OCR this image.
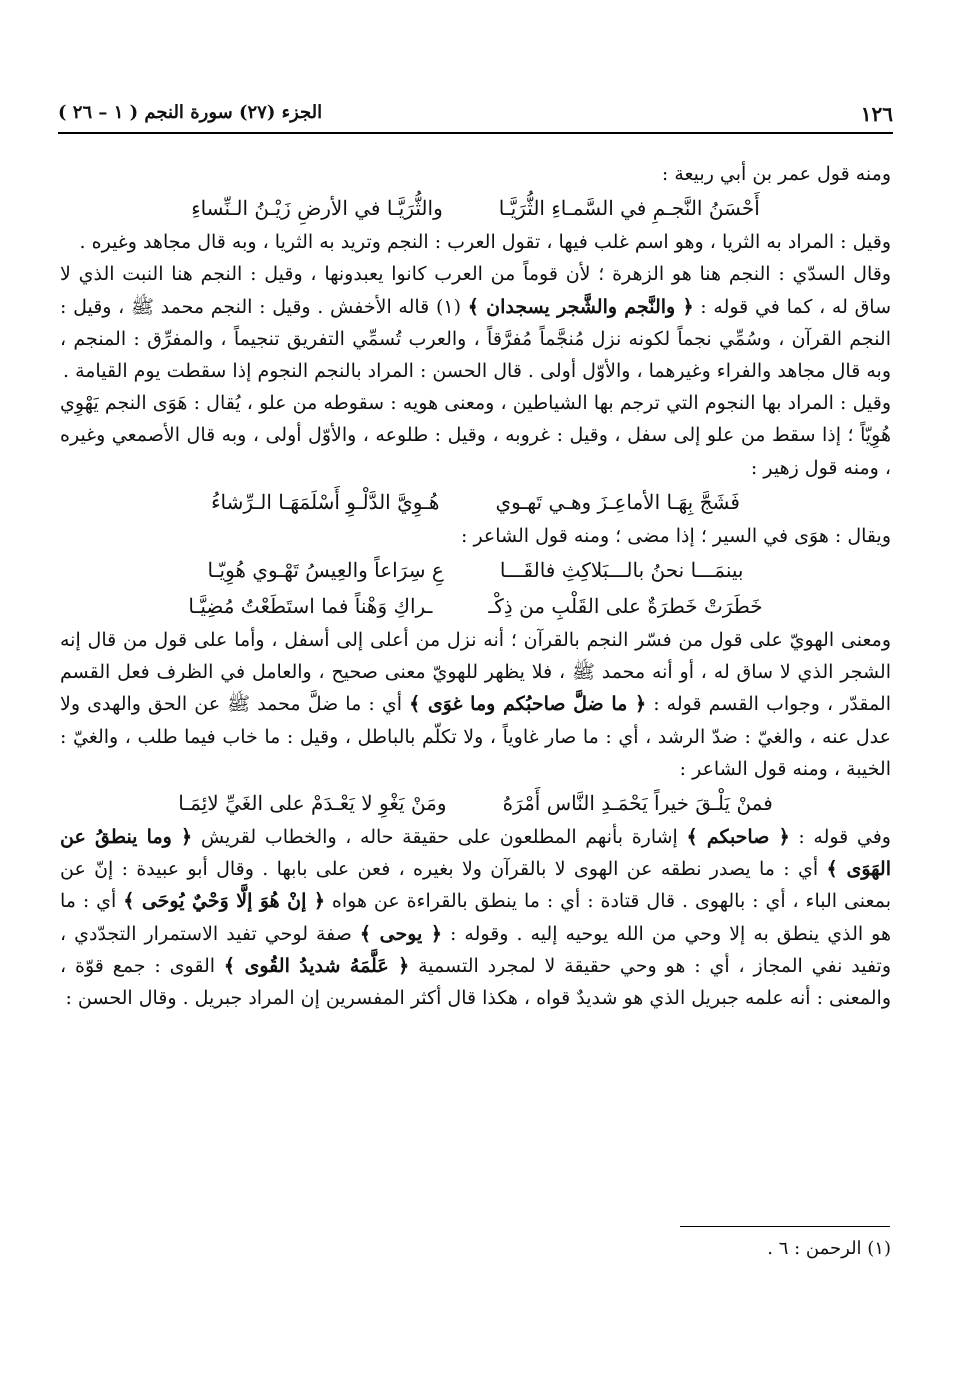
١٢٦
الجزء (٢٧) سورة النجم ( ١ – ٢٦ )

ومنه قول عمر بن أبي ربيعة :

أَحْسَنُ النَّجـمِ في السَّمـاءِ الثُّرَيَّـا
والثُّرَيَّـا في الأرضِ زَيْـنُ الـنِّساءِ

وقيل : المراد به الثريا ، وهو اسم غلب فيها ، تقول العرب : النجم وتريد به الثريا ، وبه قال مجاهد وغيره .

وقال السدّي : النجم هنا هو الزهرة ؛ لأن قوماً من العرب كانوا يعبدونها ، وقيل : النجم هنا النبت الذي لا ساق له ، كما في قوله : ﴿ والنَّجم والشَّجر يسجدان ﴾ (١) قاله الأخفش . وقيل : النجم محمد ﷺ ، وقيل : النجم القرآن ، وسُمِّي نجماً لكونه نزل مُنجَّماً مُفرَّقاً ، والعرب تُسمِّي التفريق تنجيماً ، والمفرِّق : المنجم ، وبه قال مجاهد والفراء وغيرهما ، والأوّل أولى . قال الحسن : المراد بالنجم النجوم إذا سقطت يوم القيامة .

وقيل : المراد بها النجوم التي ترجم بها الشياطين ، ومعنى هويه : سقوطه من علو ، يُقال : هَوَى النجم يَهْوِي هُوِيّاً ؛ إذا سقط من علو إلى سفل ، وقيل : غروبه ، وقيل : طلوعه ، والأوّل أولى ، وبه قال الأصمعي وغيره ، ومنه قول زهير :

فَشَجَّ بِهَـا الأماعِـزَ وهـي تَهـوي
هُـوِيَّ الدَّلْـوِ أَسْلَمَهَـا الـرِّشاءُ

ويقال : هوَى في السير ؛ إذا مضى ؛ ومنه قول الشاعر :

بينمَـــا نحنُ بالـــبَلاكِثِ فالقَـــا
عِ سِرَاعاً والعِيسُ تَهْـوي هُوِيّـا
خَطَرَتْ خَطرَةٌ على القَلْبِ من ذِكْـ
ـراكِ وَهْناً فما استَطَعْتُ مُضِيَّـا

ومعنى الهويّ على قول من فسّر النجم بالقرآن ؛ أنه نزل من أعلى إلى أسفل ، وأما على قول من قال إنه الشجر الذي لا ساق له ، أو أنه محمد ﷺ ، فلا يظهر للهويّ معنى صحيح ، والعامل في الظرف فعل القسم المقدّر ، وجواب القسم قوله : ﴿ ما ضلَّ صاحبُكم وما غوَى ﴾ أي : ما ضلَّ محمد ﷺ عن الحق والهدى ولا عدل عنه ، والغيّ : ضدّ الرشد ، أي : ما صار غاوياً ، ولا تكلّم بالباطل ، وقيل : ما خاب فيما طلب ، والغيّ : الخيبة ، ومنه قول الشاعر :

فمنْ يَلْـقَ خيراً يَحْمَـدِ النَّاس أَمْرَهُ
ومَنْ يَغْوِ لا يَعْـدَمْ على الغَيِّ لائِمَـا

وفي قوله : ﴿ صاحبكم ﴾ إشارة بأنهم المطلعون على حقيقة حاله ، والخطاب لقريش ﴿ وما ينطقُ عن الهَوَى ﴾ أي : ما يصدر نطقه عن الهوى لا بالقرآن ولا بغيره ، فعن على بابها . وقال أبو عبيدة : إنّ عن بمعنى الباء ، أي : بالهوى . قال قتادة : أي : ما ينطق بالقراءة عن هواه ﴿ إنْ هُوَ إلَّا وَحْيٌ يُوحَى ﴾ أي : ما هو الذي ينطق به إلا وحي من الله يوحيه إليه . وقوله : ﴿ يوحى ﴾ صفة لوحي تفيد الاستمرار التجدّدي ، وتفيد نفي المجاز ، أي : هو وحي حقيقة لا لمجرد التسمية ﴿ عَلَّمَهُ شديدُ القُوى ﴾ القوى : جمع قوّة ، والمعنى : أنه علمه جبريل الذي هو شديدٌ قواه ، هكذا قال أكثر المفسرين إن المراد جبريل . وقال الحسن :

(١) الرحمن : ٦ .
